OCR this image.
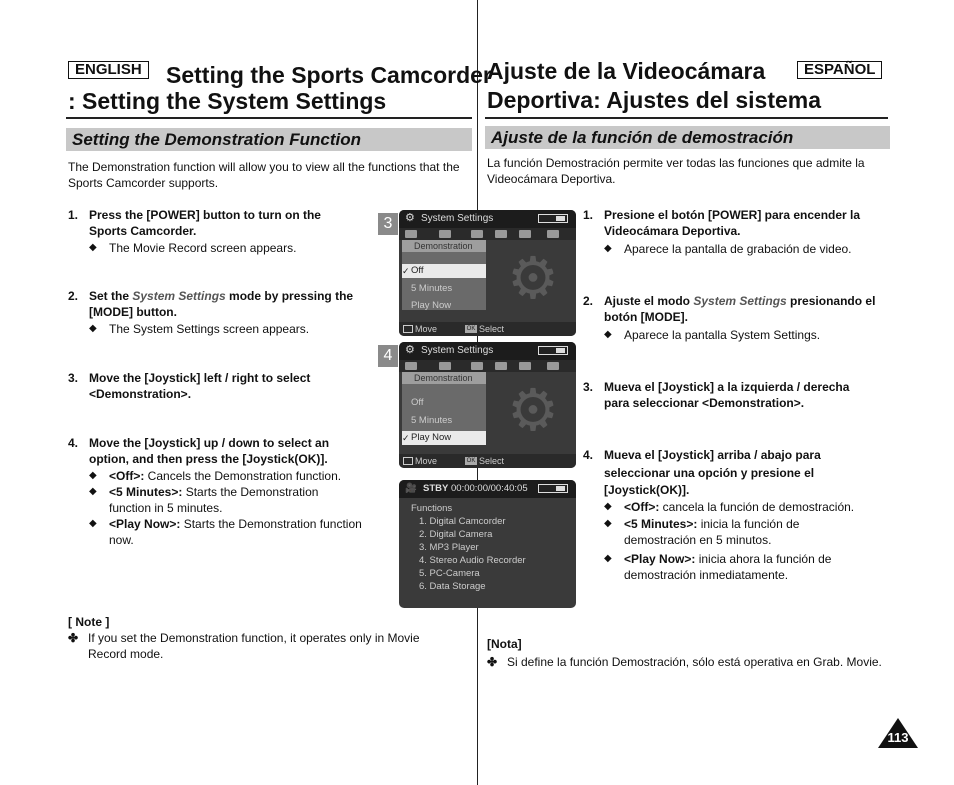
ENGLISH	Setting the Sports Camcorder
: Setting the System Settings
Setting the Demonstration Function
The Demonstration function will allow you to view all the functions that the Sports Camcorder supports.
1. Press the [POWER] button to turn on the Sports Camcorder.
◆ The Movie Record screen appears.
2. Set the System Settings mode by pressing the [MODE] button.
◆ The System Settings screen appears.
3. Move the [Joystick] left / right to select <Demonstration>.
4. Move the [Joystick] up / down to select an option, and then press the [Joystick(OK)].
◆ <Off>: Cancels the Demonstration function.
◆ <5 Minutes>: Starts the Demonstration function in 5 minutes.
◆ <Play Now>: Starts the Demonstration function now.
[ Note ]
✤ If you set the Demonstration function, it operates only in Movie Record mode.
3	⚙ System Settings
Demonstration
✓ Off
5 Minutes
Play Now ⚙
Move	OK Select
4	⚙ System Settings
Demonstration
Off
5 Minutes
✓ Play Now ⚙
Move	OK Select
🎥 STBY 00:00:00/00:40:05
Functions
1. Digital Camcorder
2. Digital Camera
3. MP3 Player
4. Stereo Audio Recorder
5. PC-Camera
6. Data Storage
Ajuste de la Videocámara	ESPAÑOL
Deportiva: Ajustes del sistema
Ajuste de la función de demostración
La función Demostración permite ver todas las funciones que admite la Videocámara Deportiva.
1. Presione el botón [POWER] para encender la Videocámara Deportiva.
◆ Aparece la pantalla de grabación de video.
2. Ajuste el modo System Settings presionando el botón [MODE].
◆ Aparece la pantalla System Settings.
3. Mueva el [Joystick] a la izquierda / derecha para seleccionar <Demonstration>.
4. Mueva el [Joystick] arriba / abajo para seleccionar una opción y presione el [Joystick(OK)].
◆ <Off>: cancela la función de demostración.
◆ <5 Minutes>: inicia la función de demostración en 5 minutos.
◆ <Play Now>: inicia ahora la función de demostración inmediatamente.
[Nota]
✤ Si define la función Demostración, sólo está operativa en Grab. Movie.
113
